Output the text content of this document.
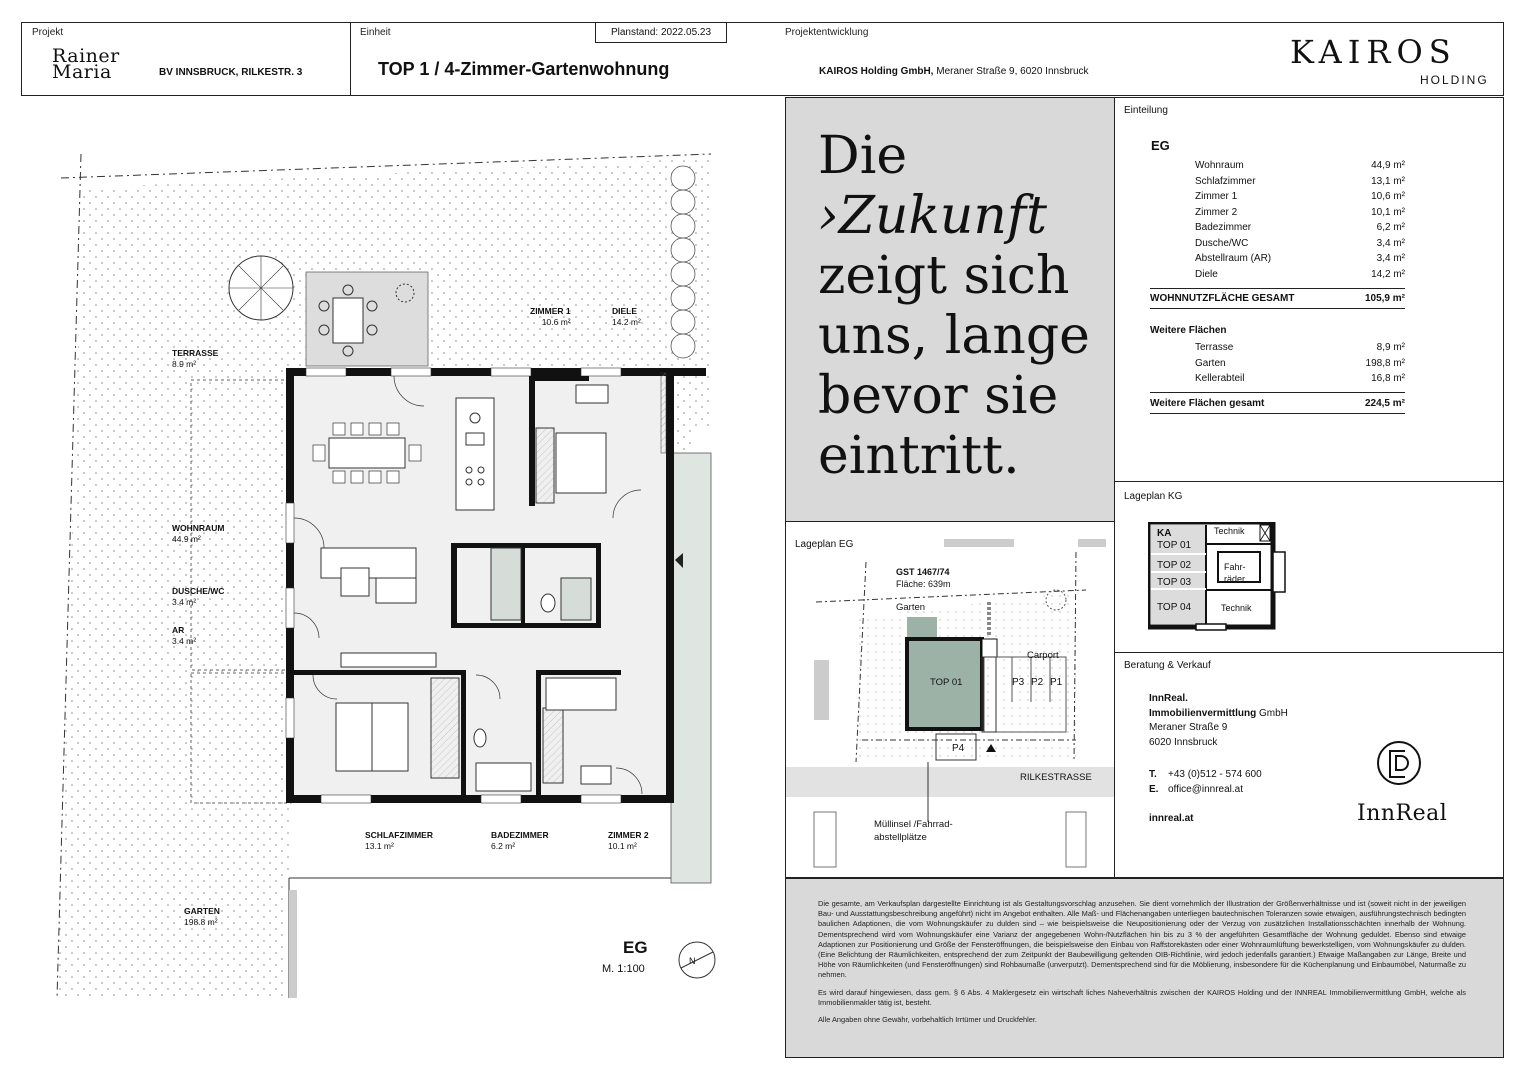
Projekt
Rainer
Maria	BV INNSBRUCK, RILKESTR. 3
Einheit
TOP 1 / 4-Zimmer-Gartenwohnung
Planstand: 2022.05.23	Projektentwicklung
KAIROS Holding GmbH, Meraner Straße 9, 6020 Innsbruck
KAIROS
HOLDING
N
TERRASSE
8.9 m²
ZIMMER 1
10.6 m²
DIELE
14.2 m²
WOHNRAUM
44.9 m²
DUSCHE/WC
3.4 m²
AR
3.4 m²
SCHLAFZIMMER
13.1 m²
BADEZIMMER
6.2 m²
ZIMMER 2
10.1 m²
GARTEN
198.8 m²
EG
M. 1:100
Die
›Zukunft
zeigt sich
uns, lange
bevor sie
eintritt.
Einteilung
EG
Wohnraum	44,9 m²
Schlafzimmer	13,1 m²
Zimmer 1	10,6 m²
Zimmer 2	10,1 m²
Badezimmer	6,2 m²
Dusche/WC	3,4 m²
Abstellraum (AR)	3,4 m²
Diele	14,2 m²
WOHNNUTZFLÄCHE GESAMT	105,9 m²
Weitere Flächen
Terrasse	8,9 m²
Garten	198,8 m²
Kellerabteil	16,8 m²
Weitere Flächen gesamt	224,5 m²
Lageplan KG
KA
TOP 01
TOP 02
TOP 03
TOP 04
Technik
Fahr-
räder
Technik
Lageplan EG
GST 1467/74
Fläche: 639m
Garten
TOP 01
Carport
P3 P2 P1
P4
RILKESTRASSE
Müllinsel /Fahrrad-
abstellplätze
Beratung & Verkauf
InnReal.
Immobilienvermittlung GmbH
Meraner Straße 9
6020 Innsbruck
T. +43 (0)512 - 574 600
E. office@innreal.at
innreal.at	InnReal

Die gesamte, am Verkaufsplan dargestellte Einrichtung ist als Gestaltungsvorschlag anzusehen. Sie dient vornehmlich der Illustration der Größenverhältnisse und ist (soweit nicht in der jeweiligen Bau- und Ausstattungsbeschreibung angeführt) nicht im Angebot enthalten. Alle Maß- und Flächenangaben unterliegen bautechnischen Toleranzen sowie etwaigen, ausführungstechnisch bedingten baulichen Adaptionen, die vom Wohnungskäufer zu dulden sind – wie beispielsweise die Neupositionierung oder der Verzug von zusätzlichen Installationsschächten innerhalb der Wohnung. Dementsprechend wird vom Wohnungskäufer eine Varianz der angegebenen Wohn-/Nutzflächen hin bis zu 3 % der angeführten Gesamtfläche der Wohnung geduldet. Ebenso sind etwaige Adaptionen zur Positionierung und Größe der Fensteröffnungen, die beispielsweise den Einbau von Raffstorekästen oder einer Wohnraumlüftung bewerkstelligen, vom Wohnungskäufer zu dulden. (Eine Belichtung der Räumlichkeiten, entsprechend der zum Zeitpunkt der Baubewilligung geltenden OIB-Richtlinie, wird jedoch jedenfalls garantiert.) Etwaige Maßangaben zur Länge, Breite und Höhe von Räumlichkeiten (und Fensteröffnungen) sind Rohbaumaße (unverputzt). Dementsprechend sind für die Möblierung, insbesondere für die Küchenplanung und Einbaumöbel, Naturmaße zu nehmen.

Es wird darauf hingewiesen, dass gem. § 6 Abs. 4 Maklergesetz ein wirtschaft liches Naheverhältnis zwischen der KAIROS Holding und der INNREAL Immobilienvermittlung GmbH, welche als Immobilienmakler tätig ist, besteht.

Alle Angaben ohne Gewähr, vorbehaltlich Irrtümer und Druckfehler.
